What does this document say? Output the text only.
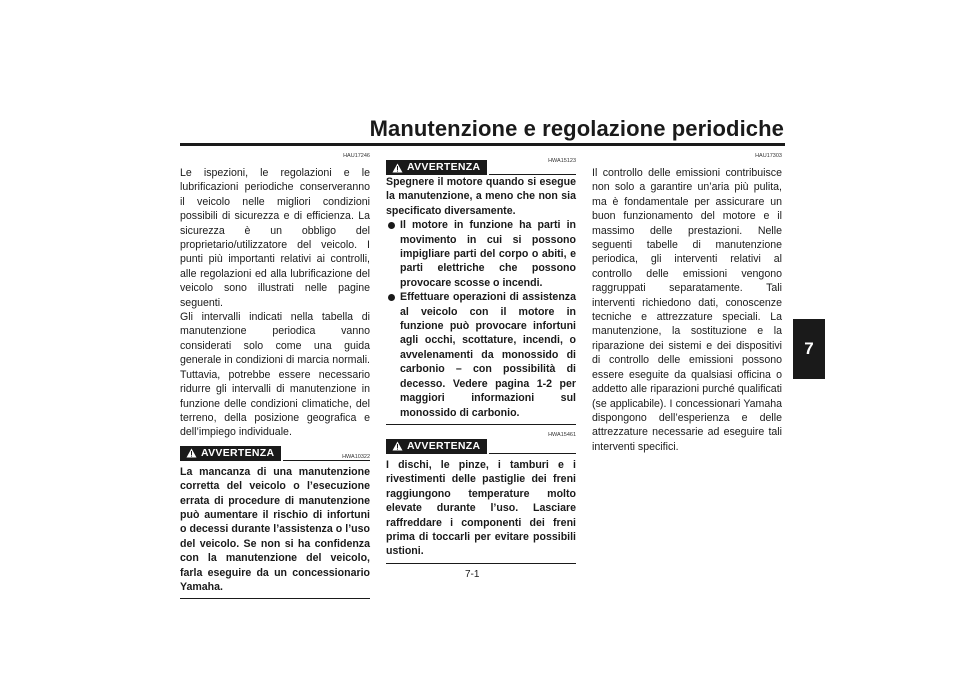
Manutenzione e regolazione periodiche
7

HAU17246

Le ispezioni, le regolazioni e le lubrificazioni periodiche conserveranno il veicolo nelle migliori condizioni possibili di sicurezza e di efficienza. La sicurezza è un obbligo del proprietario/utilizzatore del veicolo. I punti più importanti relativi ai controlli, alle regolazioni ed alla lubrificazione del veicolo sono illustrati nelle pagine seguenti.

Gli intervalli indicati nella tabella di manutenzione periodica vanno considerati solo come una guida generale in condizioni di marcia normali. Tuttavia, potrebbe essere necessario ridurre gli intervalli di manutenzione in funzione delle condizioni climatiche, del terreno, della posizione geografica e dell’impiego individuale.

AVVERTENZA	HWA10322

La mancanza di una manutenzione corretta del veicolo o l’esecuzione errata di procedure di manutenzione può aumentare il rischio di infortuni o decessi durante l’assistenza o l’uso del veicolo. Se non si ha confidenza con la manutenzione del veicolo, farla eseguire da un concessionario Yamaha.

AVVERTENZA

HWA15123

Spegnere il motore quando si esegue la manutenzione, a meno che non sia specificato diversamente.

Il motore in funzione ha parti in movimento in cui si possono impigliare parti del corpo o abiti, e parti elettriche che possono provocare scosse o incendi.
Effettuare operazioni di assistenza al veicolo con il motore in funzione può provocare infortuni agli occhi, scottature, incendi, o avvelenamenti da monossido di carbonio – con possibilità di decesso. Vedere pagina 1-2 per maggiori informazioni sul monossido di carbonio.

HWA15461

AVVERTENZA

I dischi, le pinze, i tamburi e i rivestimenti delle pastiglie dei freni raggiungono temperature molto elevate durante l’uso. Lasciare raffreddare i componenti dei freni prima di toccarli per evitare possibili ustioni.

HAU17303

Il controllo delle emissioni contribuisce non solo a garantire un’aria più pulita, ma è fondamentale per assicurare un buon funzionamento del motore e il massimo delle prestazioni. Nelle seguenti tabelle di manutenzione periodica, gli interventi relativi al controllo delle emissioni vengono raggruppati separatamente. Tali interventi richiedono dati, conoscenze tecniche e attrezzature speciali. La manutenzione, la sostituzione e la riparazione dei sistemi e dei dispositivi di controllo delle emissioni possono essere eseguite da qualsiasi officina o addetto alle riparazioni purché qualificati (se applicabile). I concessionari Yamaha dispongono dell’esperienza e delle attrezzature necessarie ad eseguire tali interventi specifici.

7-1
